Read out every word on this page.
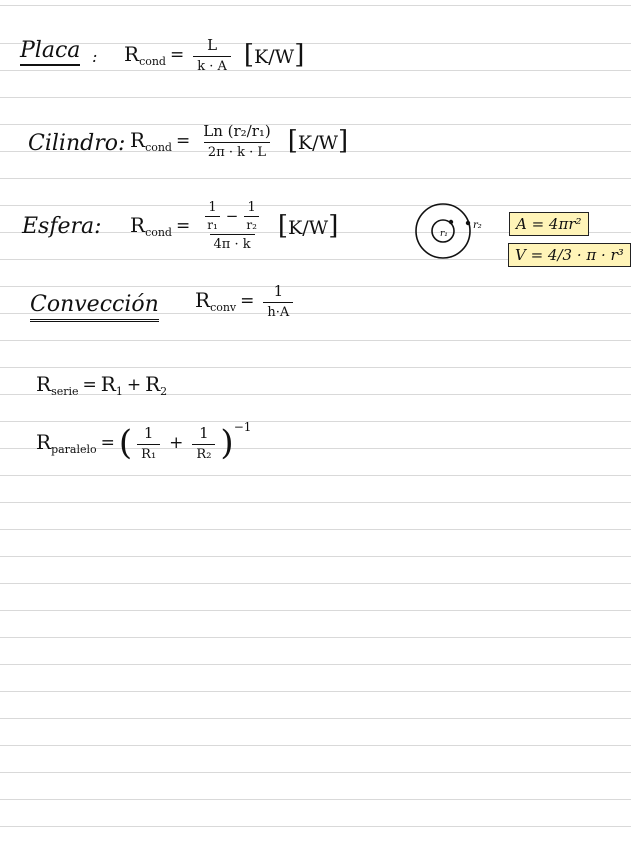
Placa : $R_{cond} = \frac{L}{k \cdot A} [K/W]$
Cilindro: $R_{cond} = \frac{\text{Ln (r₂/r₁)}}{2\pi \cdot k \cdot L} [K/W]$
Esfera: $R_{cond} = \frac{\frac{1}{\text{r₁}} - \frac{1}{\text{r₂}}}{4\pi \cdot k} [K/W]$	r₁
r₂	A = 4πr²
V = 4/3 · π · r³
Convección $R_{conv} = \frac{1}{h\cdot A}$
$R_{serie} = R_1 + R_2$
$R_{paralelo}$ = ( $\frac{1}{\text{R₁}} + \frac{1}{\text{R₂}}$ ) −1
